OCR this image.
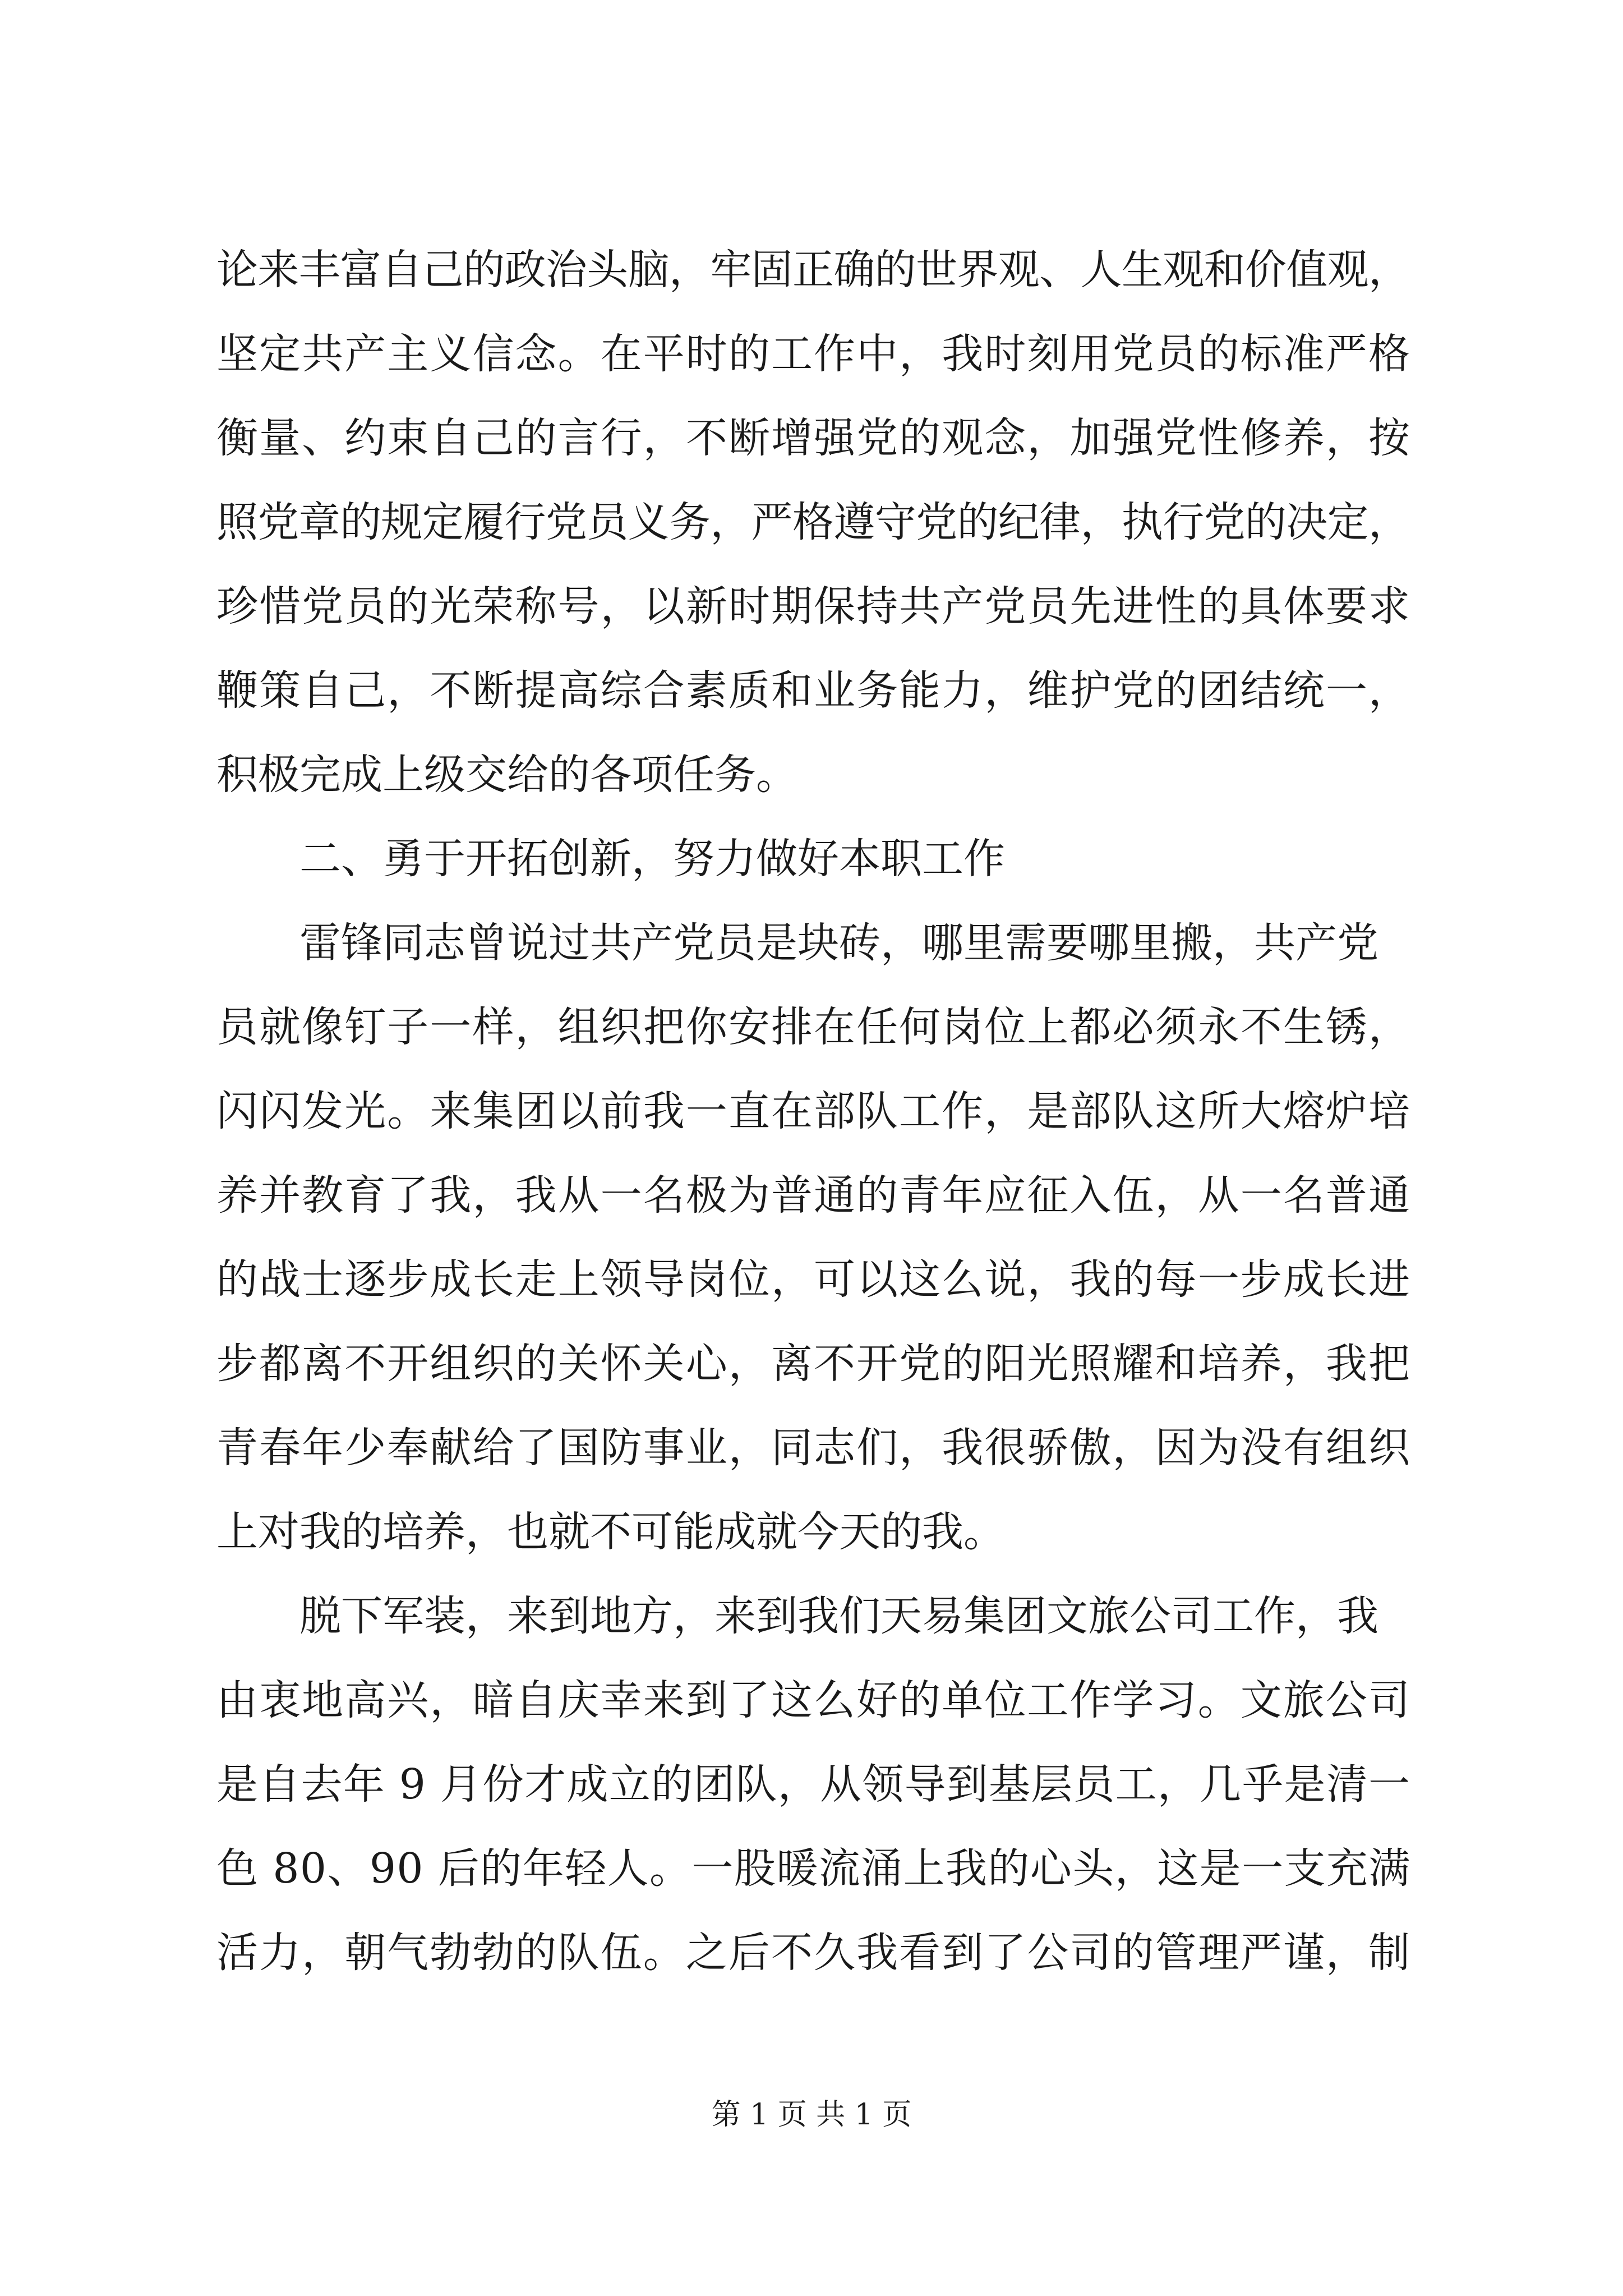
论来丰富自己的政治头脑，牢固正确的世界观、人生观和价值观，
坚定共产主义信念。在平时的工作中，我时刻用党员的标准严格
衡量、约束自己的言行，不断增强党的观念，加强党性修养，按
照党章的规定履行党员义务，严格遵守党的纪律，执行党的决定，
珍惜党员的光荣称号，以新时期保持共产党员先进性的具体要求
鞭策自己，不断提高综合素质和业务能力，维护党的团结统一，
积极完成上级交给的各项任务。
二、勇于开拓创新，努力做好本职工作
雷锋同志曾说过共产党员是块砖，哪里需要哪里搬，共产党
员就像钉子一样，组织把你安排在任何岗位上都必须永不生锈，
闪闪发光。来集团以前我一直在部队工作，是部队这所大熔炉培
养并教育了我，我从一名极为普通的青年应征入伍，从一名普通
的战士逐步成长走上领导岗位，可以这么说，我的每一步成长进
步都离不开组织的关怀关心，离不开党的阳光照耀和培养，我把
青春年少奉献给了国防事业，同志们，我很骄傲，因为没有组织
上对我的培养，也就不可能成就今天的我。
脱下军装，来到地方，来到我们天易集团文旅公司工作，我
由衷地高兴，暗自庆幸来到了这么好的单位工作学习。文旅公司
是自去年 9 月份才成立的团队，从领导到基层员工，几乎是清一
色 80、90 后的年轻人。一股暖流涌上我的心头，这是一支充满
活力，朝气勃勃的队伍。之后不久我看到了公司的管理严谨，制
第 1 页 共 1 页
